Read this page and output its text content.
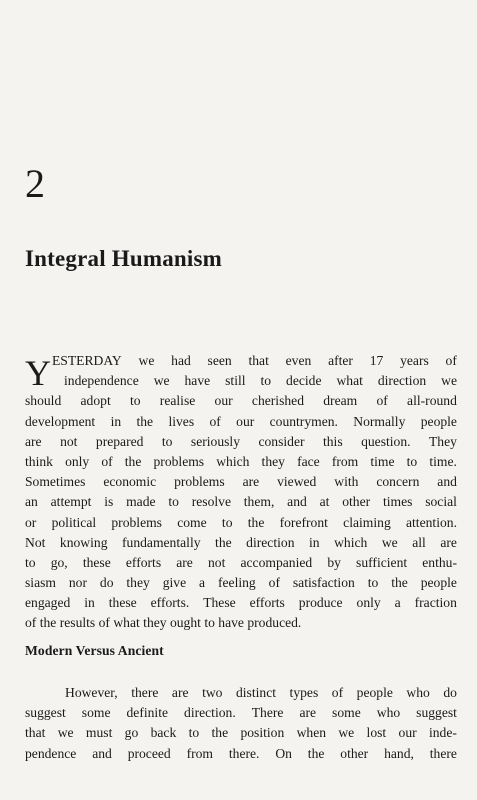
2
Integral Humanism
Y ESTERDAY we had seen that even after 17 years of
independence we have still to decide what direction we
should adopt to realise our cherished dream of all-round
development in the lives of our countrymen. Normally people
are not prepared to seriously consider this question. They
think only of the problems which they face from time to time.
Sometimes economic problems are viewed with concern and
an attempt is made to resolve them, and at other times social
or political problems come to the forefront claiming attention.
Not knowing fundamentally the direction in which we all are
to go, these efforts are not accompanied by sufficient enthu-
siasm nor do they give a feeling of satisfaction to the people
engaged in these efforts. These efforts produce only a fraction
of the results of what they ought to have produced.
Modern Versus Ancient
However, there are two distinct types of people who do
suggest some definite direction. There are some who suggest
that we must go back to the position when we lost our inde-
pendence and proceed from there. On the other hand, there
